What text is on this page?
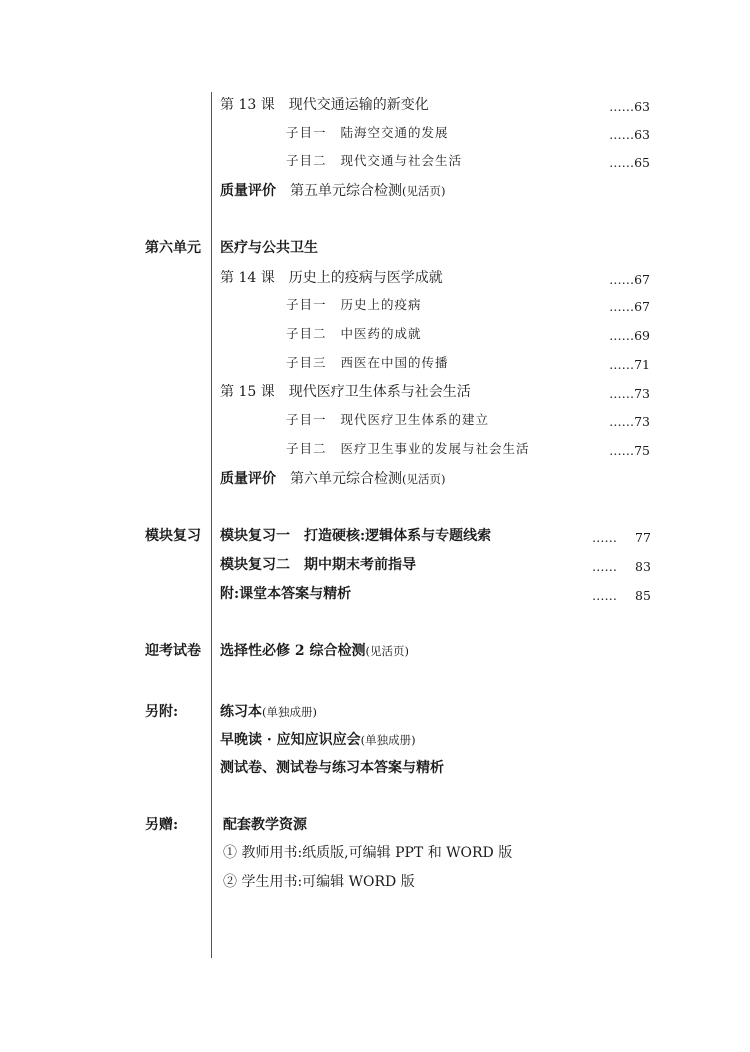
第 13 课 现代交通运输的新变化	……63
子目一 陆海空交通的发展	……63
子目二 现代交通与社会生活	……65
质量评价 第五单元综合检测(见活页)
第六单元 医疗与公共卫生
第 14 课 历史上的疫病与医学成就	……67
子目一 历史上的疫病	……67
子目二 中医药的成就	……69
子目三 西医在中国的传播	……71
第 15 课 现代医疗卫生体系与社会生活	……73
子目一 现代医疗卫生体系的建立	……73
子目二 医疗卫生事业的发展与社会生活	……75
质量评价 第六单元综合检测(见活页)
模块复习 模块复习一　打造硬核:逻辑体系与专题线索	…… 77
模块复习二　期中期末考前指导	…… 83
附:课堂本答案与精析	…… 85
迎考试卷 选择性必修 2 综合检测(见活页)
另附:	练习本(单独成册)
早晚读 · 应知应识应会(单独成册)
测试卷、测试卷与练习本答案与精析
另赠:	配套教学资源
① 教师用书:纸质版,可编辑 PPT 和 WORD 版
② 学生用书:可编辑 WORD 版
